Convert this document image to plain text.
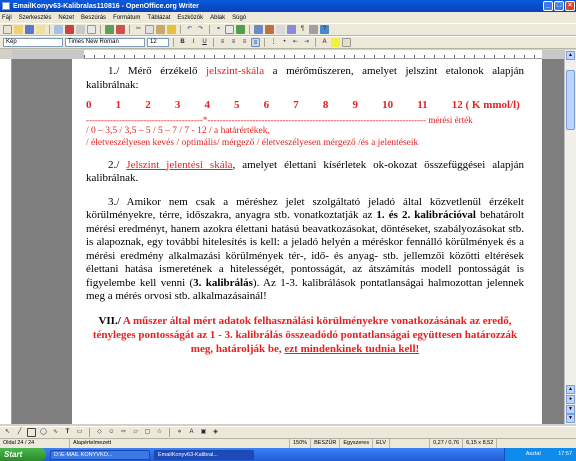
EmailKonyv63-Kalibralas110816 - OpenOffice.org Writer	_ □ ×
Fájl Szerkesztés Nézet Beszúrás Formátum Táblázat Eszközök Ablak Súgó
✂	↶ ↷	⚭	¶	?
Kép	Times New Roman	12	B	I	U	≡	≡	≡	≡	⋮	•	⇤ ⇥	A

1./ Mérő érzékelő jelszint-skála a mérőműszeren, amelyet jelszint etalonok alapján kalibrálnak:

0 1 2 3 4 5 6 7 8 9 10 11 12 ( K mmol/l)
---------------------------------------*------------------------------------------------------------------------- mérési érték
/ 0 – 3,5 / 3,5 – 5 / 5 – 7 / 7 - 12 / a határértékek,
/ életveszélyesen kevés / optimális/ mérgező / életveszélyesen mérgező /és a jelentéseik

2./ Jelszint jelentési skála, amelyet élettani kísérletek ok-okozat összefüggései alapján kalibrálnak.

3./ Amikor nem csak a méréshez jelet szolgáltató jeladó által közvetlenül érzékelt körülményekre, térre, időszakra, anyagra stb. vonatkoztatják az 1. és 2. kalibrációval behatárolt mérési eredményt, hanem azokra élettani hatású beavatkozásokat, döntéseket, szabályozásokat stb. is alapoznak, egy további hitelesítés is kell: a jeladó helyén a méréskor fennálló körülmények és a mérési eredmény alkalmazási körülmények tér-, idő- és anyag- stb. jellemzői közötti eltérések élettani hatása ismeretének a hitelességét, pontosságát, az átszámítás modell pontosságát is figyelembe kell venni (3. kalibrálás). Az 1-3. kalibrálások pontatlanságai halmozottan jelennek meg a mérés orvosi stb. alkalmazásainál!

VII./ A műszer által mért adatok felhasználási körülményekre vonatkozásának az eredő, tényleges pontosságát az 1 - 3. kalibrálás összeadódó pontatlanságai együttesen határozzák meg, határolják be, ezt mindenkinek tudnia kell!

▲
▲
●
▼
▼
↖	╱	◯	∿	T	▭	◇	☺	⇨	▱	▢ ☆	⋄	A	▣	◈
Oldal 24 / 24	Alapértelmezett	150%	BESZÚR	Egyszeres	ELV	0,27 / 0,76	6,15 x 8,52
Start	D:\E-MAIL KONYVKO...	EmailKonyv63-Kalibral...	Asztal	17:57
